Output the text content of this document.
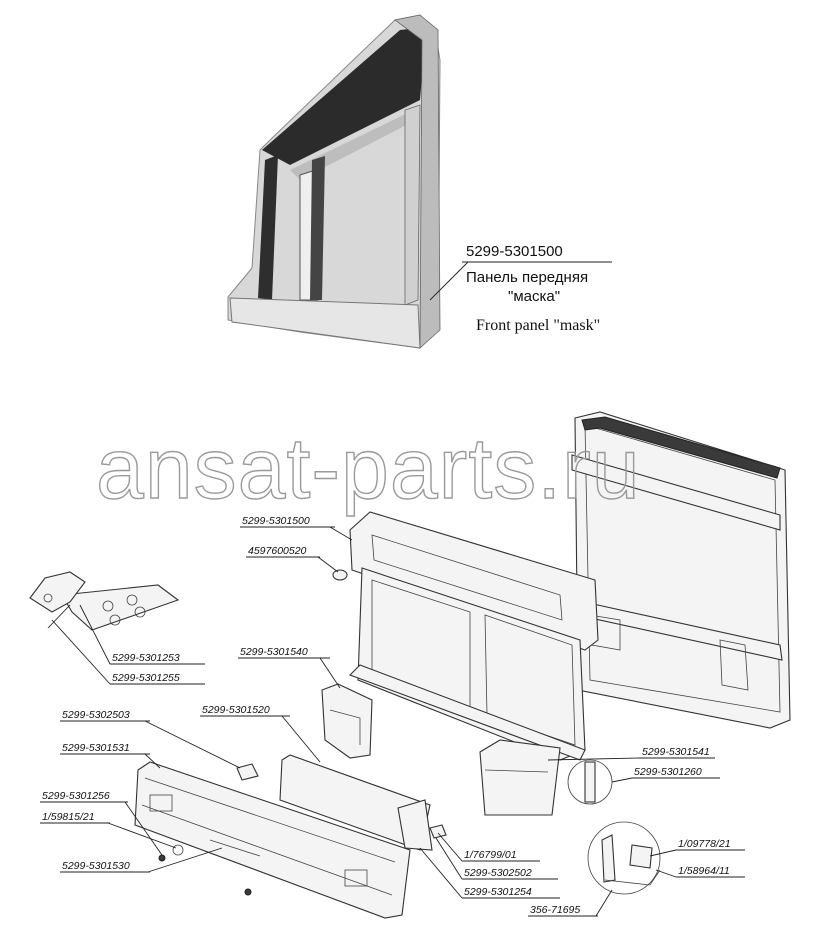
5299-5301500
Панель передняя
"маска"
Front panel "mask"
5299-5301500
4597600520
5299-5301253
5299-5301255
5299-5301540
5299-5302503	5299-5301520
5299-5301531
5299-5301256
1/59815/21
5299-5301530
1/76799/01
5299-5302502
5299-5301254
356-71695
5299-5301541
5299-5301260
1/09778/21
1/58964/11
ansat-parts.ru
